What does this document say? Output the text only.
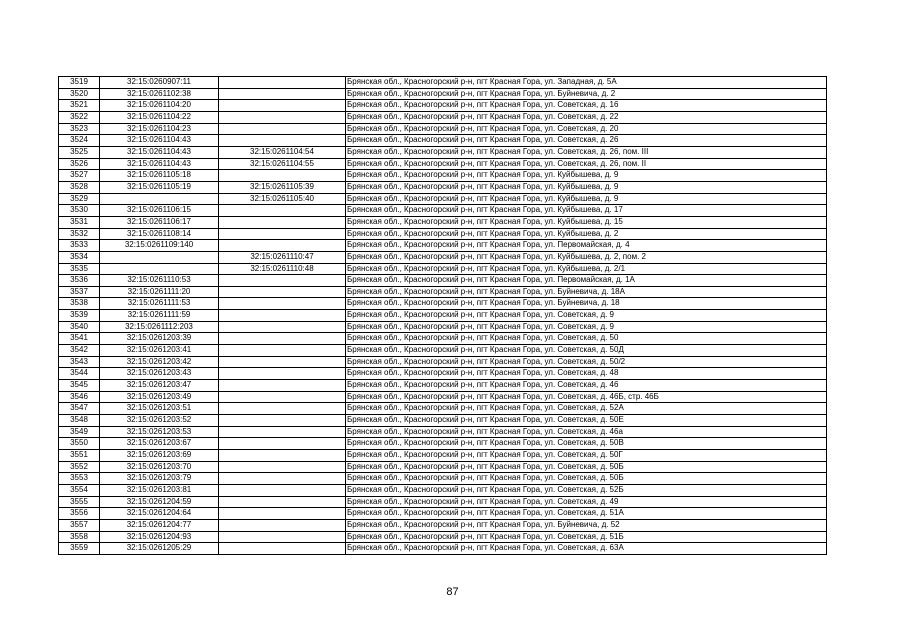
3519	32:15:0260907:11		Брянская обл., Красногорский р-н, пгт Красная Гора, ул. Западная, д. 5А
3520	32:15:0261102:38		Брянская обл., Красногорский р-н, пгт Красная Гора, ул. Буйневича, д. 2
3521	32:15:0261104:20		Брянская обл., Красногорский р-н, пгт Красная Гора, ул. Советская, д. 16
3522	32:15:0261104:22		Брянская обл., Красногорский р-н, пгт Красная Гора, ул. Советская, д. 22
3523	32:15:0261104:23		Брянская обл., Красногорский р-н, пгт Красная Гора, ул. Советская, д. 20
3524	32:15:0261104:43		Брянская обл., Красногорский р-н, пгт Красная Гора, ул. Советская, д. 26
3525	32:15:0261104:43	32:15:0261104:54	Брянская обл., Красногорский р-н, пгт Красная Гора, ул. Советская, д. 26, пом. III
3526	32:15:0261104:43	32:15:0261104:55	Брянская обл., Красногорский р-н, пгт Красная Гора, ул. Советская, д. 26, пом. II
3527	32:15:0261105:18		Брянская обл., Красногорский р-н, пгт Красная Гора, ул. Куйбышева, д. 9
3528	32:15:0261105:19	32:15:0261105:39	Брянская обл., Красногорский р-н, пгт Красная Гора, ул. Куйбышева, д. 9
3529		32:15:0261105:40	Брянская обл., Красногорский р-н, пгт Красная Гора, ул. Куйбышева, д. 9
3530	32:15:0261106:15		Брянская обл., Красногорский р-н, пгт Красная Гора, ул. Куйбышева, д. 17
3531	32:15:0261106:17		Брянская обл., Красногорский р-н, пгт Красная Гора, ул. Куйбышева, д. 15
3532	32:15:0261108:14		Брянская обл., Красногорский р-н, пгт Красная Гора, ул. Куйбышева, д. 2
3533	32:15:0261109:140		Брянская обл., Красногорский р-н, пгт Красная Гора, ул. Первомайская, д. 4
3534		32:15:0261110:47	Брянская обл., Красногорский р-н, пгт Красная Гора, ул. Куйбышева, д. 2, пом. 2
3535		32:15:0261110:48	Брянская обл., Красногорский р-н, пгт Красная Гора, ул. Куйбышева, д. 2/1
3536	32:15:0261110:53		Брянская обл., Красногорский р-н, пгт Красная Гора, ул. Первомайская, д. 1А
3537	32:15:0261111:20		Брянская обл., Красногорский р-н, пгт Красная Гора, ул. Буйневича, д. 18А
3538	32:15:0261111:53		Брянская обл., Красногорский р-н, пгт Красная Гора, ул. Буйневича, д. 18
3539	32:15:0261111:59		Брянская обл., Красногорский р-н, пгт Красная Гора, ул. Советская, д. 9
3540	32:15:0261112:203		Брянская обл., Красногорский р-н, пгт Красная Гора, ул. Советская, д. 9
3541	32:15:0261203:39		Брянская обл., Красногорский р-н, пгт Красная Гора, ул. Советская, д. 50
3542	32:15:0261203:41		Брянская обл., Красногорский р-н, пгт Красная Гора, ул. Советская, д. 50Д
3543	32:15:0261203:42		Брянская обл., Красногорский р-н, пгт Красная Гора, ул. Советская, д. 50/2
3544	32:15:0261203:43		Брянская обл., Красногорский р-н, пгт Красная Гора, ул. Советская, д. 48
3545	32:15:0261203:47		Брянская обл., Красногорский р-н, пгт Красная Гора, ул. Советская, д. 46
3546	32:15:0261203:49		Брянская обл., Красногорский р-н, пгт Красная Гора, ул. Советская, д. 46Б, стр. 46Б
3547	32:15:0261203:51		Брянская обл., Красногорский р-н, пгт Красная Гора, ул. Советская, д. 52А
3548	32:15:0261203:52		Брянская обл., Красногорский р-н, пгт Красная Гора, ул. Советская, д. 50Е
3549	32:15:0261203:53		Брянская обл., Красногорский р-н, пгт Красная Гора, ул. Советская, д. 46а
3550	32:15:0261203:67		Брянская обл., Красногорский р-н, пгт Красная Гора, ул. Советская, д. 50В
3551	32:15:0261203:69		Брянская обл., Красногорский р-н, пгт Красная Гора, ул. Советская, д. 50Г
3552	32:15:0261203:70		Брянская обл., Красногорский р-н, пгт Красная Гора, ул. Советская, д. 50Б
3553	32:15:0261203:79		Брянская обл., Красногорский р-н, пгт Красная Гора, ул. Советская, д. 50Б
3554	32:15:0261203:81		Брянская обл., Красногорский р-н, пгт Красная Гора, ул. Советская, д. 52Б
3555	32:15:0261204:59		Брянская обл., Красногорский р-н, пгт Красная Гора, ул. Советская, д. 49
3556	32:15:0261204:64		Брянская обл., Красногорский р-н, пгт Красная Гора, ул. Советская, д. 51А
3557	32:15:0261204:77		Брянская обл., Красногорский р-н, пгт Красная Гора, ул. Буйневича, д. 52
3558	32:15:0261204:93		Брянская обл., Красногорский р-н, пгт Красная Гора, ул. Советская, д. 51Б
3559	32:15:0261205:29		Брянская обл., Красногорский р-н, пгт Красная Гора, ул. Советская, д. 63А
87
